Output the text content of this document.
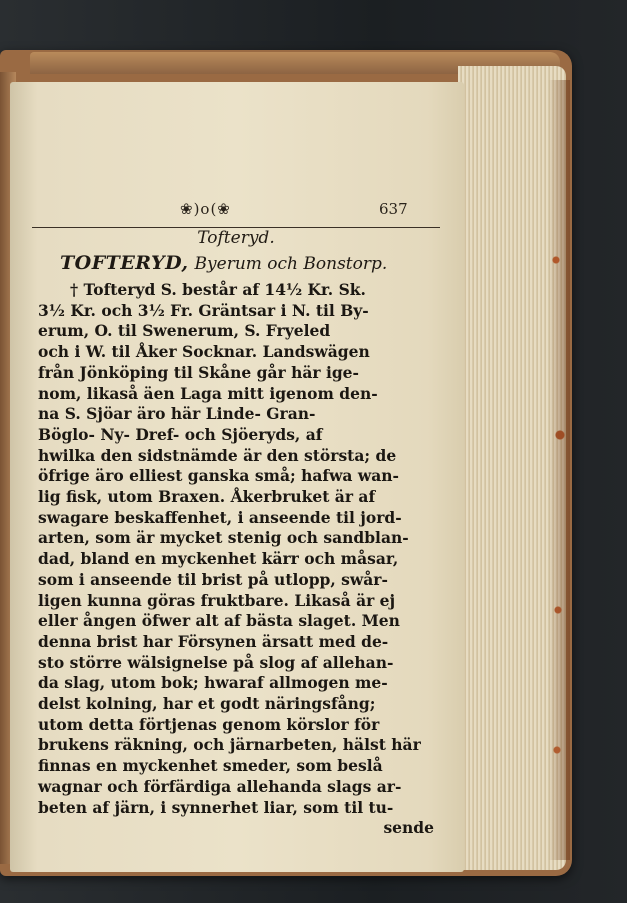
❀)o(❀	637
Tofteryd.
TOFTERYD, Byerum och Bonstorp.
† Tofteryd S. består af 14½ Kr. Sk.
3½ Kr. och 3½ Fr. Gräntsar i N. til By-
erum, O. til Swenerum, S. Fryeled
och i W. til Åker Socknar. Landswägen
från Jönköping til Skåne går här ige-
nom, likaså äen Laga mitt igenom den-
na S. Sjöar äro här Linde- Gran-
Böglo- Ny- Dref- och Sjöeryds, af
hwilka den sidstnämde är den största; de
öfrige äro elliest ganska små; hafwa wan-
lig fisk, utom Braxen. Åkerbruket är af
swagare beskaffenhet, i anseende til jord-
arten, som är mycket stenig och sandblan-
dad, bland en myckenhet kärr och måsar,
som i anseende til brist på utlopp, swår-
ligen kunna göras fruktbare. Likaså är ej
eller ången öfwer alt af bästa slaget. Men
denna brist har Försynen ärsatt med de-
sto större wälsignelse på slog af allehan-
da slag, utom bok; hwaraf allmogen me-
delst kolning, har et godt näringsfång;
utom detta förtjenas genom körslor för
brukens räkning, och järnarbeten, hälst här
finnas en myckenhet smeder, som beslå
wagnar och förfärdiga allehanda slags ar-
beten af järn, i synnerhet liar, som til tu-
sende
